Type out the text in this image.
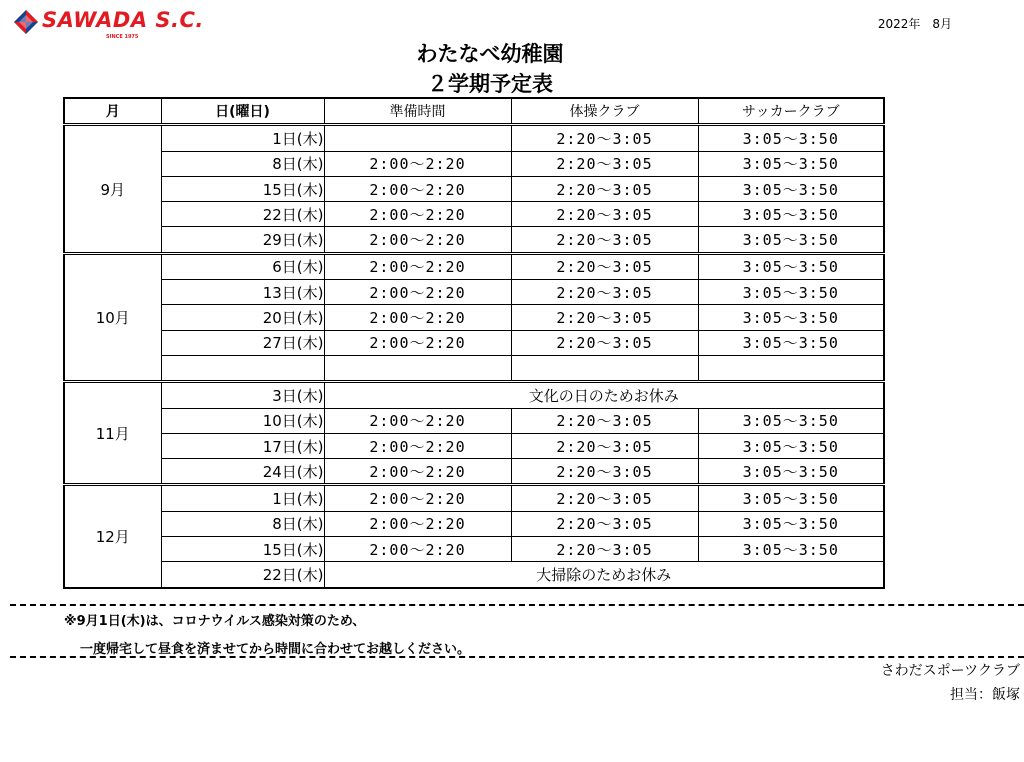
SAWADA S.C.
SINCE 1975
2022年　8月
わたなべ幼稚園
２学期予定表
月	日(曜日)	準備時間	体操クラブ	サッカークラブ
9月	1日(木)		2:20〜3:05	3:05〜3:50
	8日(木)	2:00〜2:20	2:20〜3:05	3:05〜3:50
	15日(木)	2:00〜2:20	2:20〜3:05	3:05〜3:50
	22日(木)	2:00〜2:20	2:20〜3:05	3:05〜3:50
	29日(木)	2:00〜2:20	2:20〜3:05	3:05〜3:50
10月	6日(木)	2:00〜2:20	2:20〜3:05	3:05〜3:50
	13日(木)	2:00〜2:20	2:20〜3:05	3:05〜3:50
	20日(木)	2:00〜2:20	2:20〜3:05	3:05〜3:50
	27日(木)	2:00〜2:20	2:20〜3:05	3:05〜3:50

11月	3日(木)	文化の日のためお休み		
	10日(木)	2:00〜2:20	2:20〜3:05	3:05〜3:50
	17日(木)	2:00〜2:20	2:20〜3:05	3:05〜3:50
	24日(木)	2:00〜2:20	2:20〜3:05	3:05〜3:50
12月	1日(木)	2:00〜2:20	2:20〜3:05	3:05〜3:50
	8日(木)	2:00〜2:20	2:20〜3:05	3:05〜3:50
	15日(木)	2:00〜2:20	2:20〜3:05	3:05〜3:50
	22日(木)	大掃除のためお休み		
※9月1日(木)は、コロナウイルス感染対策のため、
一度帰宅して昼食を済ませてから時間に合わせてお越しください。
さわだスポーツクラブ
担当：飯塚
